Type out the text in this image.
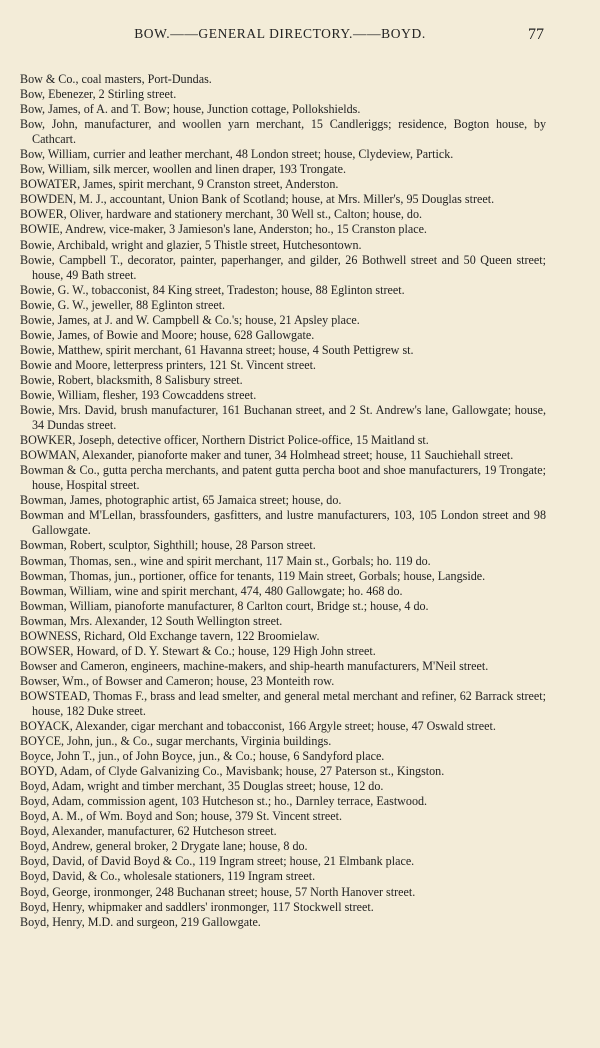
BOW.——GENERAL DIRECTORY.——BOYD.	77
Bow & Co., coal masters, Port-Dundas.
Bow, Ebenezer, 2 Stirling street.
Bow, James, of A. and T. Bow; house, Junction cottage, Pollokshields.
Bow, John, manufacturer, and woollen yarn merchant, 15 Candleriggs; residence, Bogton house, by Cathcart.
Bow, William, currier and leather merchant, 48 London street; house, Clydeview, Partick.
Bow, William, silk mercer, woollen and linen draper, 193 Trongate.
BOWATER, James, spirit merchant, 9 Cranston street, Anderston.
BOWDEN, M. J., accountant, Union Bank of Scotland; house, at Mrs. Miller's, 95 Douglas street.
BOWER, Oliver, hardware and stationery merchant, 30 Well st., Calton; house, do.
BOWIE, Andrew, vice-maker, 3 Jamieson's lane, Anderston; ho., 15 Cranston place.
Bowie, Archibald, wright and glazier, 5 Thistle street, Hutchesontown.
Bowie, Campbell T., decorator, painter, paperhanger, and gilder, 26 Bothwell street and 50 Queen street; house, 49 Bath street.
Bowie, G. W., tobacconist, 84 King street, Tradeston; house, 88 Eglinton street.
Bowie, G. W., jeweller, 88 Eglinton street.
Bowie, James, at J. and W. Campbell & Co.'s; house, 21 Apsley place.
Bowie, James, of Bowie and Moore; house, 628 Gallowgate.
Bowie, Matthew, spirit merchant, 61 Havanna street; house, 4 South Pettigrew st.
Bowie and Moore, letterpress printers, 121 St. Vincent street.
Bowie, Robert, blacksmith, 8 Salisbury street.
Bowie, William, flesher, 193 Cowcaddens street.
Bowie, Mrs. David, brush manufacturer, 161 Buchanan street, and 2 St. Andrew's lane, Gallowgate; house, 34 Dundas street.
BOWKER, Joseph, detective officer, Northern District Police-office, 15 Maitland st.
BOWMAN, Alexander, pianoforte maker and tuner, 34 Holmhead street; house, 11 Sauchiehall street.
Bowman & Co., gutta percha merchants, and patent gutta percha boot and shoe manufacturers, 19 Trongate; house, Hospital street.
Bowman, James, photographic artist, 65 Jamaica street; house, do.
Bowman and M'Lellan, brassfounders, gasfitters, and lustre manufacturers, 103, 105 London street and 98 Gallowgate.
Bowman, Robert, sculptor, Sighthill; house, 28 Parson street.
Bowman, Thomas, sen., wine and spirit merchant, 117 Main st., Gorbals; ho. 119 do.
Bowman, Thomas, jun., portioner, office for tenants, 119 Main street, Gorbals; house, Langside.
Bowman, William, wine and spirit merchant, 474, 480 Gallowgate; ho. 468 do.
Bowman, William, pianoforte manufacturer, 8 Carlton court, Bridge st.; house, 4 do.
Bowman, Mrs. Alexander, 12 South Wellington street.
BOWNESS, Richard, Old Exchange tavern, 122 Broomielaw.
BOWSER, Howard, of D. Y. Stewart & Co.; house, 129 High John street.
Bowser and Cameron, engineers, machine-makers, and ship-hearth manufacturers, M'Neil street.
Bowser, Wm., of Bowser and Cameron; house, 23 Monteith row.
BOWSTEAD, Thomas F., brass and lead smelter, and general metal merchant and refiner, 62 Barrack street; house, 182 Duke street.
BOYACK, Alexander, cigar merchant and tobacconist, 166 Argyle street; house, 47 Oswald street.
BOYCE, John, jun., & Co., sugar merchants, Virginia buildings.
Boyce, John T., jun., of John Boyce, jun., & Co.; house, 6 Sandyford place.
BOYD, Adam, of Clyde Galvanizing Co., Mavisbank; house, 27 Paterson st., Kingston.
Boyd, Adam, wright and timber merchant, 35 Douglas street; house, 12 do.
Boyd, Adam, commission agent, 103 Hutcheson st.; ho., Darnley terrace, Eastwood.
Boyd, A. M., of Wm. Boyd and Son; house, 379 St. Vincent street.
Boyd, Alexander, manufacturer, 62 Hutcheson street.
Boyd, Andrew, general broker, 2 Drygate lane; house, 8 do.
Boyd, David, of David Boyd & Co., 119 Ingram street; house, 21 Elmbank place.
Boyd, David, & Co., wholesale stationers, 119 Ingram street.
Boyd, George, ironmonger, 248 Buchanan street; house, 57 North Hanover street.
Boyd, Henry, whipmaker and saddlers' ironmonger, 117 Stockwell street.
Boyd, Henry, M.D. and surgeon, 219 Gallowgate.
